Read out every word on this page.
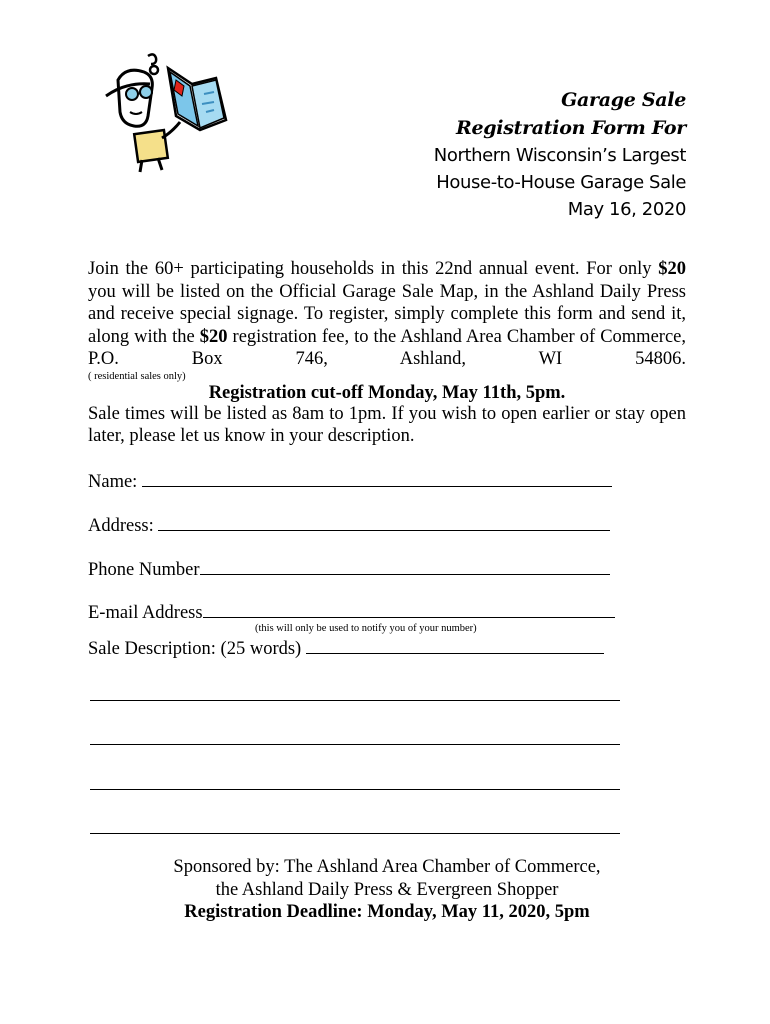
Garage Sale
Registration Form For
Northern Wisconsin’s Largest
House-to-House Garage Sale
May 16, 2020

Join the 60+ participating households in this 22nd annual event. For only $20 you will be listed on the Official Garage Sale Map, in the Ashland Daily Press and receive special signage. To register, simply complete this form and send it, along with the $20 registration fee, to the Ashland Area Chamber of Commerce, P.O. Box 746, Ashland, WI 54806.

( residential sales only)

Registration cut-off Monday, May 11th, 5pm.

Sale times will be listed as 8am to 1pm. If you wish to open earlier or stay open later, please let us know in your description.

Name:
Address:
Phone Number
E-mail Address
(this will only be used to notify you of your number)
Sale Description: (25 words)
Sponsored by: The Ashland Area Chamber of Commerce,
the Ashland Daily Press & Evergreen Shopper
Registration Deadline: Monday, May 11, 2020, 5pm
